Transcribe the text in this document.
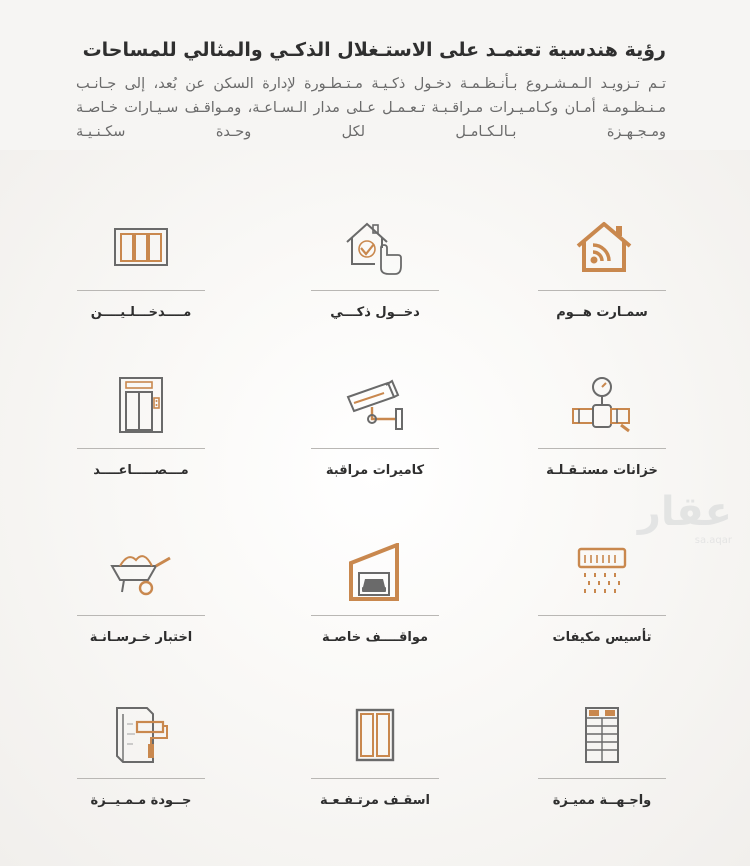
رؤية هندسية تعتمـد على الاستـغلال الذكـي والمثالي للمساحات

تـم تـزويـد الـمـشـروع بـأنـظـمـة دخـول ذكـيـة مـتـطـورة لإدارة السكن عن بُعد، إلى جـانـب مـنـظـومـة أمـان وكـامـيـرات مـراقـبـة تـعـمـل عـلى مدار الـسـاعـة، ومـواقـف سـيـارات خـاصـة ومـجـهـزة بـالـكـامـل لكل وحـدة سكـنـيـة

عقار
sa.aqar
سمـارت هــوم
دخــول ذكـــي
مــــدخـــلـيــــن
خزانات مستـقـلـة
كاميرات مراقبة
مـــصـــــاعــــد
تأسيس مكيفات
مواقــــف خاصـة
اختبار خـرسـانـة
واجـهــة مميـزة
اسقـف مرتـفـعـة
جــودة مـمـيــزة
